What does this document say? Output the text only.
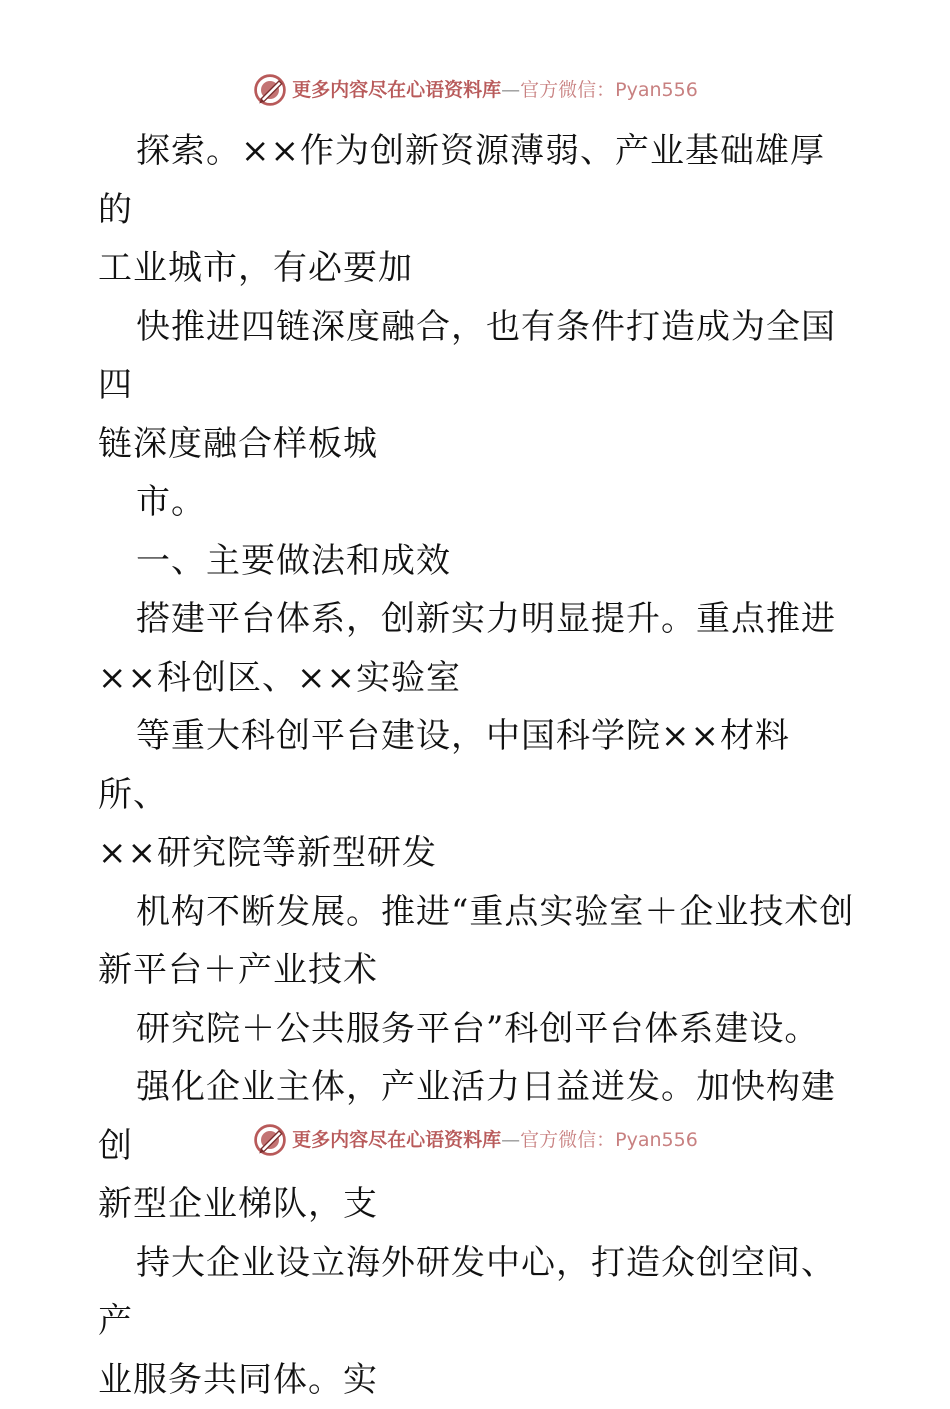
更多内容尽在心语资料库—官方微信：Pyan556

探索。××作为创新资源薄弱、产业基础雄厚的

工业城市，有必要加

快推进四链深度融合，也有条件打造成为全国四

链深度融合样板城

市。

一、主要做法和成效

搭建平台体系，创新实力明显提升。重点推进

××科创区、××实验室

等重大科创平台建设，中国科学院××材料所、

××研究院等新型研发

机构不断发展。推进“重点实验室＋企业技术创

新平台＋产业技术

研究院＋公共服务平台”科创平台体系建设。

强化企业主体，产业活力日益迸发。加快构建创

新型企业梯队，支

持大企业设立海外研发中心，打造众创空间、产

业服务共同体。实

更多内容尽在心语资料库—官方微信：Pyan556
